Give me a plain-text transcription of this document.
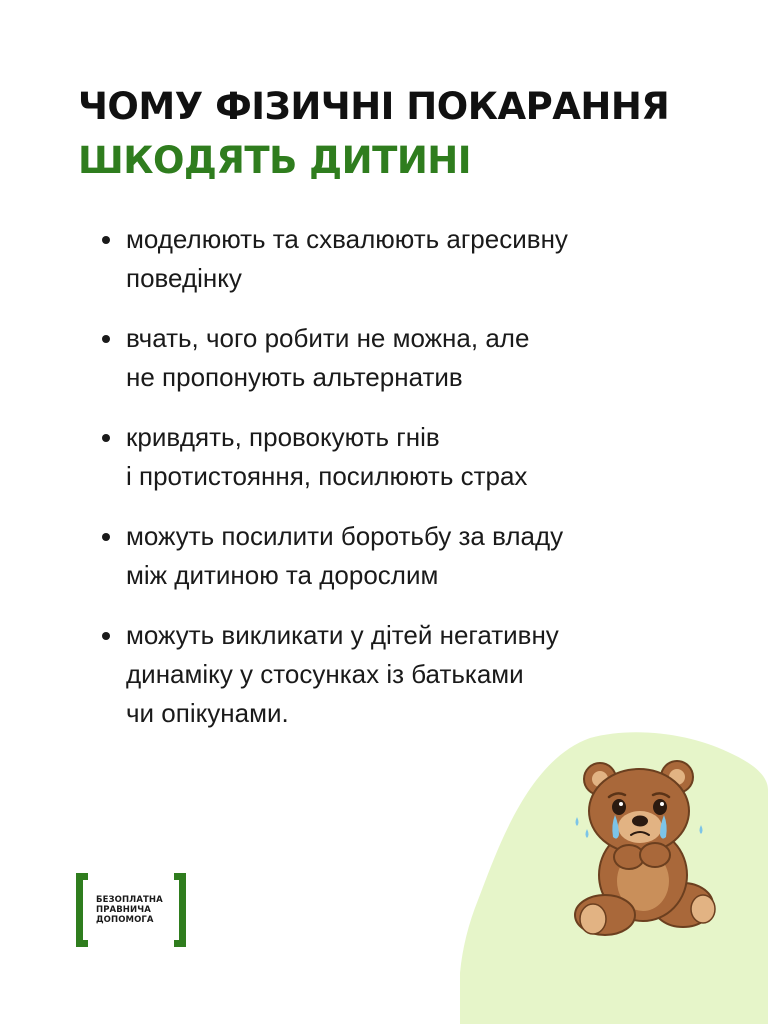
ЧОМУ ФІЗИЧНІ ПОКАРАННЯ
ШКОДЯТЬ ДИТИНІ
моделюють та схвалюють агресивну
поведінку
вчать, чого робити не можна, але
не пропонують альтернатив
кривдять, провокують гнів
і протистояння, посилюють страх
можуть посилити боротьбу за владу
між дитиною та дорослим
можуть викликати у дітей негативну
динаміку у стосунках із батьками
чи опікунами.
БЕЗОПЛАТНА
ПРАВНИЧА
ДОПОМОГА
